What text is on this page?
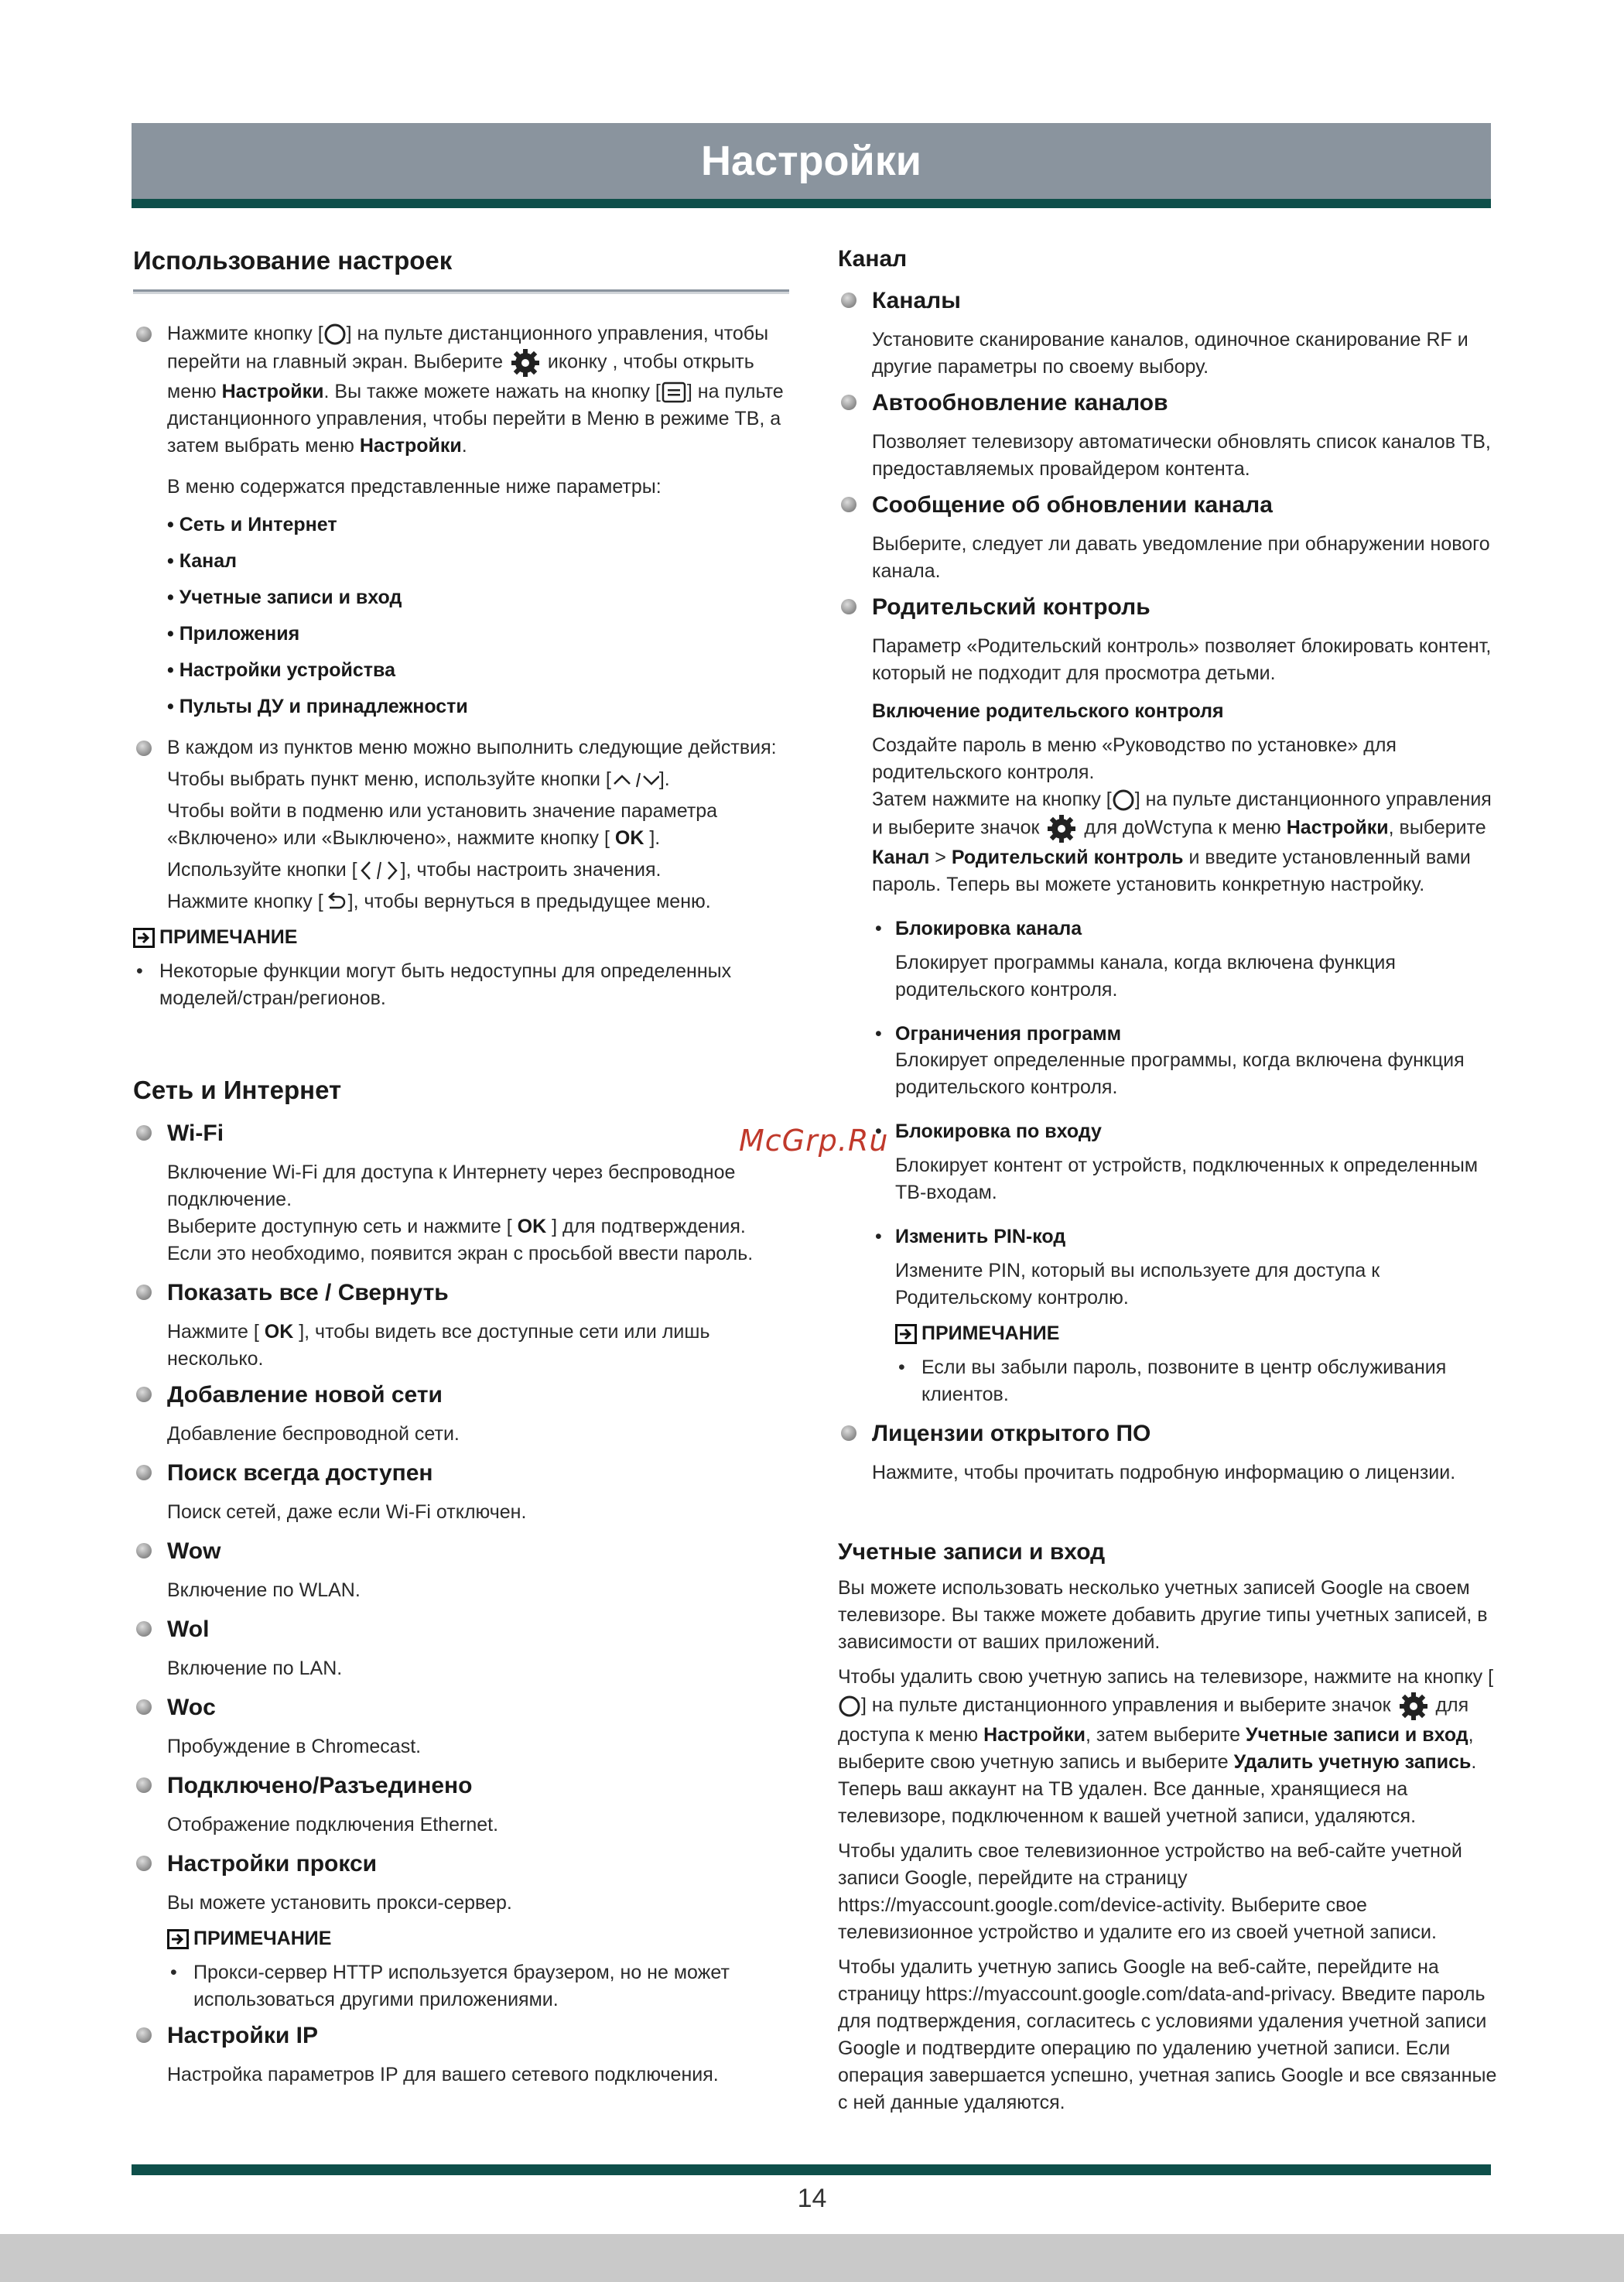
Настройки
Использование настроек

Нажмите кнопку [ ] на пульте дистанционного управления, чтобы перейти на главный экран. Выберите иконку , чтобы открыть меню Настройки. Вы также можете нажать на кнопку [ ] на пульте дистанционного управления, чтобы перейти в Меню в режиме ТВ, а затем выбрать меню Настройки.

В меню содержатся представленные ниже параметры:

• Сеть и Интернет

• Канал

• Учетные записи и вход

• Приложения

• Настройки устройства

• Пульты ДУ и принадлежности

В каждом из пунктов меню можно выполнить следующие действия:

Чтобы выбрать пункт меню, используйте кнопки [ ].

Чтобы войти в подменю или установить значение параметра «Включено» или «Выключено», нажмите кнопку [ OK ].

Используйте кнопки [ ], чтобы настроить значения.

Нажмите кнопку [ ], чтобы вернуться в предыдущее меню.

ПРИМЕЧАНИЕ

• Некоторые функции могут быть недоступны для определенных моделей/стран/регионов.

Сеть и Интернет

Wi-Fi

Включение Wi-Fi для доступа к Интернету через беспроводное подключение.

Выберите доступную сеть и нажмите [ OK ] для подтверждения.

Если это необходимо, появится экран с просьбой ввести пароль.

Показать все / Свернуть

Нажмите [ OK ], чтобы видеть все доступные сети или лишь несколько.

Добавление новой сети

Добавление беспроводной сети.

Поиск всегда доступен

Поиск сетей, даже если Wi-Fi отключен.

Wow

Включение по WLAN.

Wol

Включение по LAN.

Woc

Пробуждение в Chromecast.

Подключено/Разъединено

Отображение подключения Ethernet.

Настройки прокси

Вы можете установить прокси-сервер.

ПРИМЕЧАНИЕ

• Прокси-сервер HTTP используется браузером, но не может использоваться другими приложениями.

Настройки IP

Настройка параметров IP для вашего сетевого подключения.

Канал

Каналы

Установите сканирование каналов, одиночное сканирование RF и другие параметры по своему выбору.

Автообновление каналов

Позволяет телевизору автоматически обновлять список каналов ТВ, предоставляемых провайдером контента.

Сообщение об обновлении канала

Выберите, следует ли давать уведомление при обнаружении нового канала.

Родительский контроль

Параметр «Родительский контроль» позволяет блокировать контент, который не подходит для просмотра детьми.

Включение родительского контроля

Создайте пароль в меню «Руководство по установке» для родительского контроля.

Затем нажмите на кнопку [ ] на пульте дистанционного управления и выберите значок для доWступа к меню Настройки, выберите Канал > Родительский контроль и введите установленный вами пароль. Теперь вы можете установить конкретную настройку.

• Блокировка канала

Блокирует программы канала, когда включена функция родительского контроля.

• Ограничения программ

Блокирует определенные программы, когда включена функция родительского контроля.

• Блокировка по входу

Блокирует контент от устройств, подключенных к определенным ТВ-входам.

• Изменить PIN-код

Измените PIN, который вы используете для доступа к Родительскому контролю.

ПРИМЕЧАНИЕ

• Если вы забыли пароль, позвоните в центр обслуживания клиентов.

Лицензии открытого ПО

Нажмите, чтобы прочитать подробную информацию о лицензии.

Учетные записи и вход

Вы можете использовать несколько учетных записей Google на своем телевизоре. Вы также можете добавить другие типы учетных записей, в зависимости от ваших приложений.

Чтобы удалить свою учетную запись на телевизоре, нажмите на кнопку [] на пульте дистанционного управления и выберите значок для доступа к меню Настройки, затем выберите Учетные записи и вход, выберите свою учетную запись и выберите Удалить учетную запись. Теперь ваш аккаунт на ТВ удален. Все данные, хранящиеся на телевизоре, подключенном к вашей учетной записи, удаляются.

Чтобы удалить свое телевизионное устройство на веб-сайте учетной записи Google, перейдите на страницу https://myaccount.google.com/device-activity. Выберите свое телевизионное устройство и удалите его из своей учетной записи.

Чтобы удалить учетную запись Google на веб-сайте, перейдите на страницу https://myaccount.google.com/data-and-privacy. Введите пароль для подтверждения, согласитесь с условиями удаления учетной записи Google и подтвердите операцию по удалению учетной записи. Если операция завершается успешно, учетная запись Google и все связанные с ней данные удаляются.

McGrp.Ru
14
